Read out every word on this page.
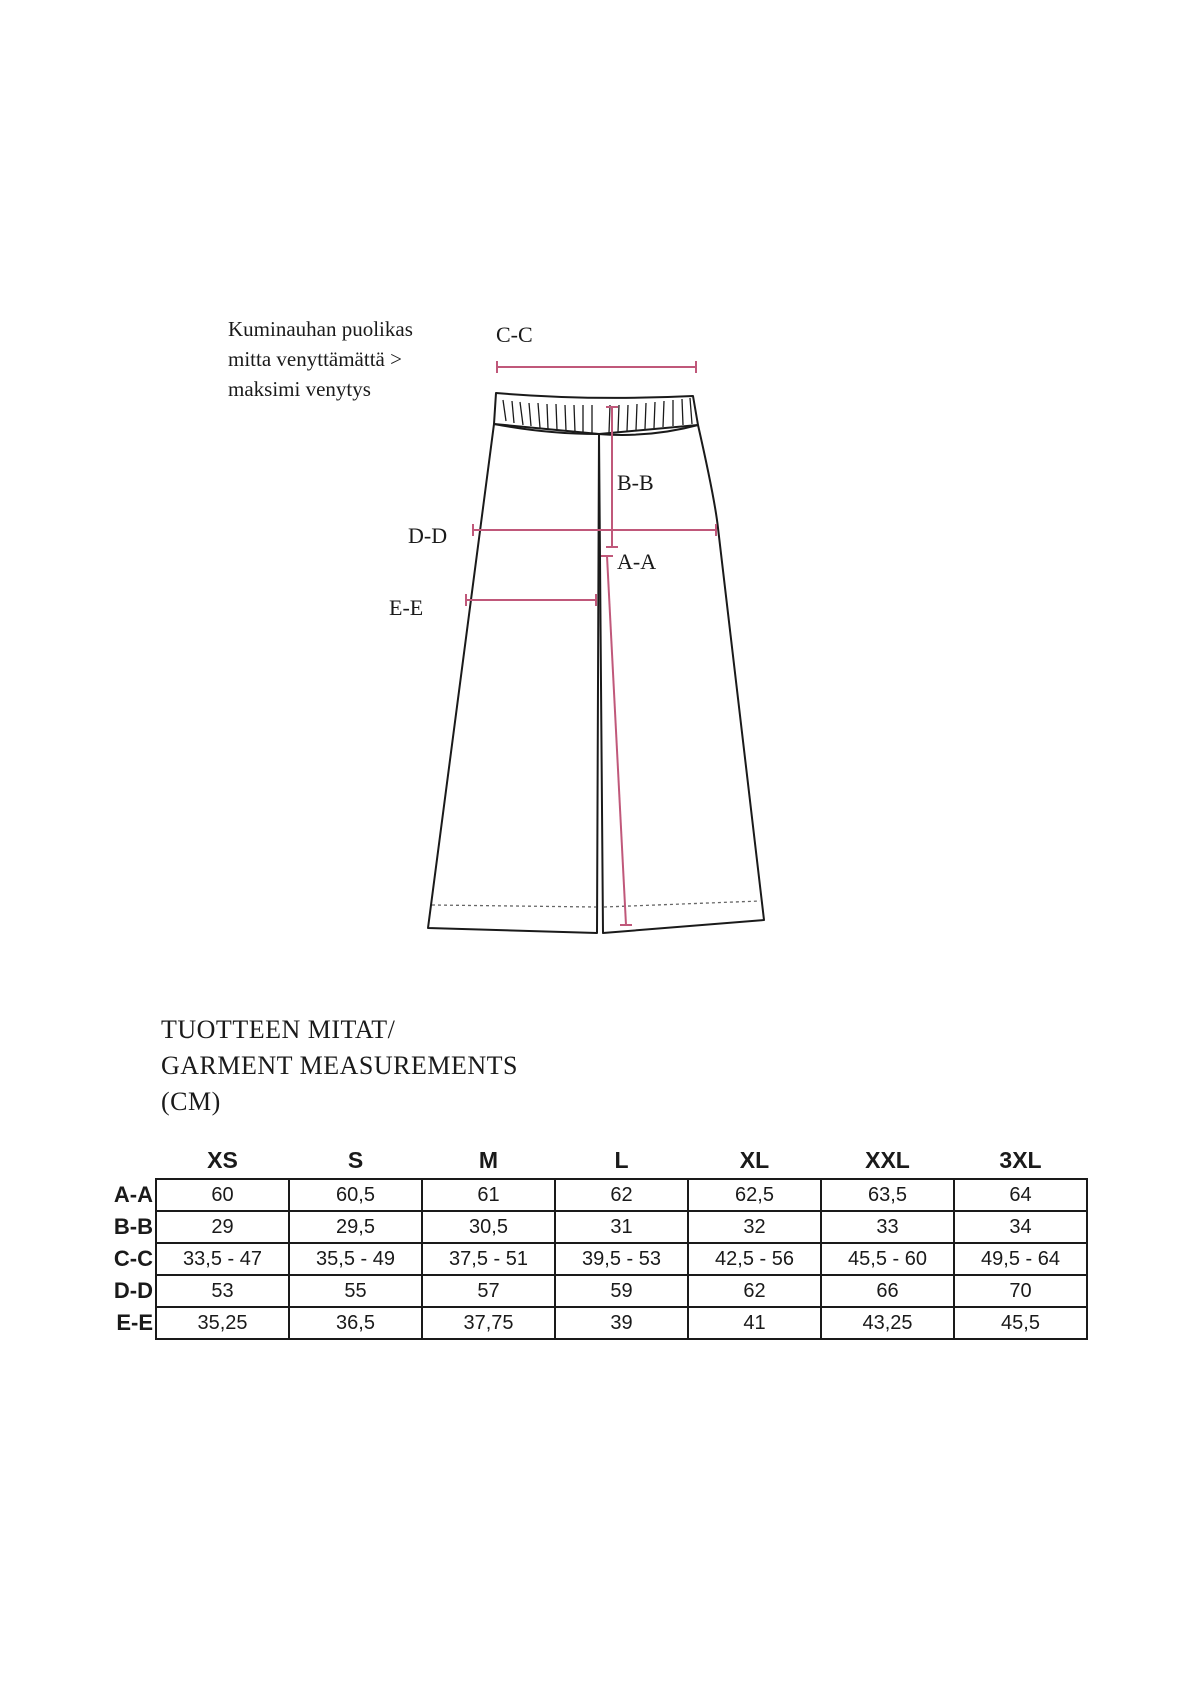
Kuminauhan puolikas
mitta venyttämättä >
maksimi venytys
C-C
B-B
D-D
A-A
E-E
TUOTTEEN MITAT/
GARMENT MEASUREMENTS
(CM)
	XS	S	M	L	XL	XXL	3XL
A-A	60	60,5	61	62	62,5	63,5	64
B-B	29	29,5	30,5	31	32	33	34
C-C	33,5 - 47	35,5 - 49	37,5 - 51	39,5 - 53	42,5 - 56	45,5 - 60	49,5 - 64
D-D	53	55	57	59	62	66	70
E-E	35,25	36,5	37,75	39	41	43,25	45,5
